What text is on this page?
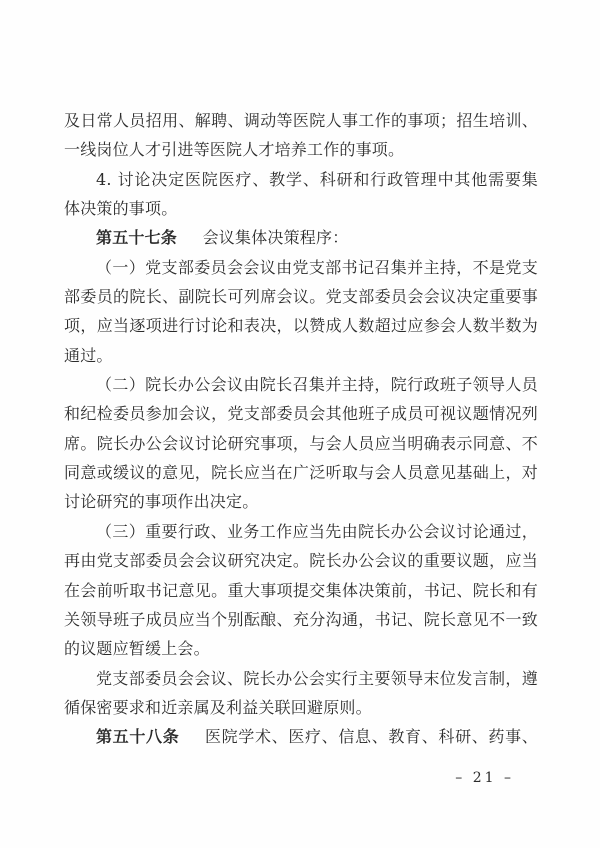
及日常人员招用、解聘、调动等医院人事工作的事项；招生培训、一线岗位人才引进等医院人才培养工作的事项。

4. 讨论决定医院医疗、教学、科研和行政管理中其他需要集体决策的事项。

第五十七条 会议集体决策程序：

（一）党支部委员会会议由党支部书记召集并主持，不是党支部委员的院长、副院长可列席会议。党支部委员会会议决定重要事项，应当逐项进行讨论和表决，以赞成人数超过应参会人数半数为通过。

（二）院长办公会议由院长召集并主持，院行政班子领导人员和纪检委员参加会议，党支部委员会其他班子成员可视议题情况列席。院长办公会议讨论研究事项，与会人员应当明确表示同意、不同意或缓议的意见，院长应当在广泛听取与会人员意见基础上，对讨论研究的事项作出决定。

（三）重要行政、业务工作应当先由院长办公会议讨论通过，再由党支部委员会会议研究决定。院长办公会议的重要议题，应当在会前听取书记意见。重大事项提交集体决策前，书记、院长和有关领导班子成员应当个别酝酿、充分沟通，书记、院长意见不一致的议题应暂缓上会。

党支部委员会会议、院长办公会实行主要领导末位发言制，遵循保密要求和近亲属及利益关联回避原则。

第五十八条 医院学术、医疗、信息、教育、科研、药事、

– 21 –
